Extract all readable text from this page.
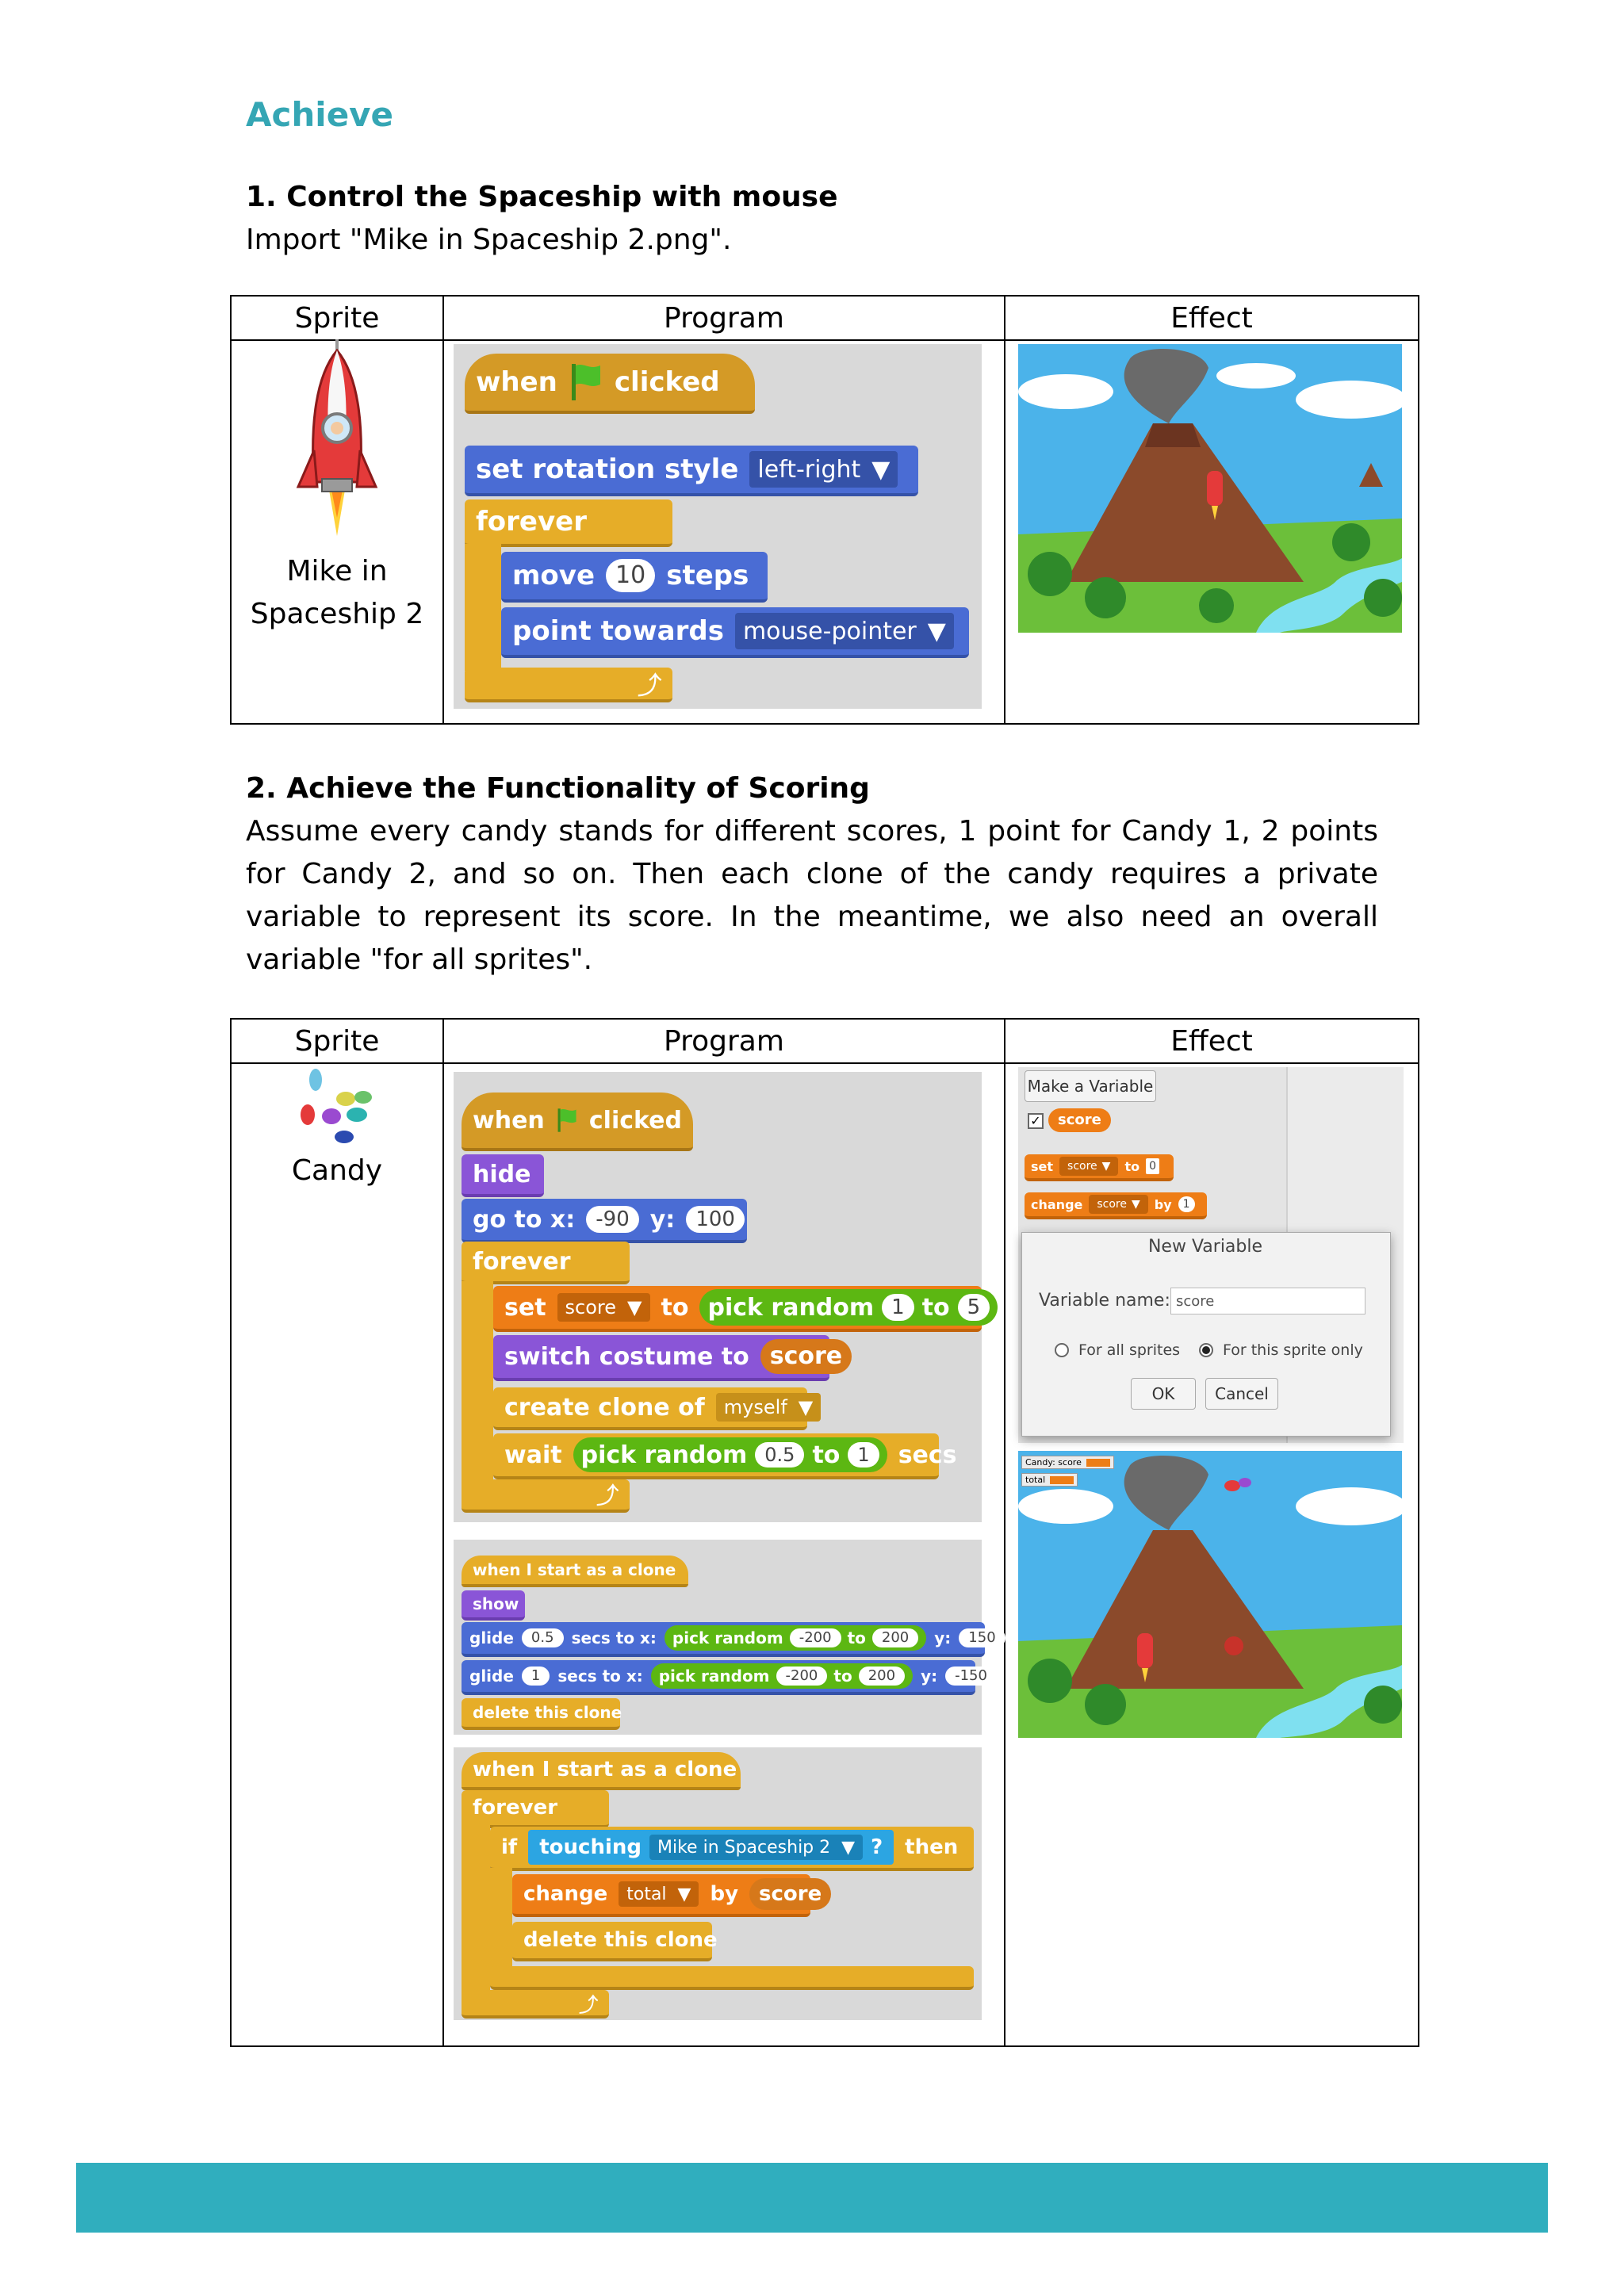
Achieve
1. Control the Spaceship with mouse

Import "Mike in Spaceship 2.png".

Sprite	Program	Effect

Mike in Spaceship 2
when clicked
set rotation style left-right ▼
forever
move 10 steps
point towards mouse-pointer ▼
⤴
2. Achieve the Functionality of Scoring

Assume every candy stands for different scores, 1 point for Candy 1, 2 points for Candy 2, and so on. Then each clone of the candy requires a private variable to represent its score. In the meantime, we also need an overall variable "for all sprites".

Sprite	Program	Effect

Candy
when clicked
hide
go to x:	-90 y:	100
forever
set score ▼ to pick random 1 to 5
switch costume to score
create clone of myself ▼
wait pick random 0.5 to 1	secs
⤴
when I start as a clone
show
glide	0.5	secs to x: pick random	-200	to	200	y:	150
glide	1	secs to x: pick random	-200	to	200	y:	-150
delete this clone
when I start as a clone
forever
if touching Mike in Spaceship 2 ▼ ? then
change total ▼ by	score
delete this clone
⤴
Make a Variable
✓	score
set score ▼ to 0
change score ▼ by	1
New Variable
Variable name:
score
For all sprites	For this sprite only
OK	Cancel
Candy: score
total
